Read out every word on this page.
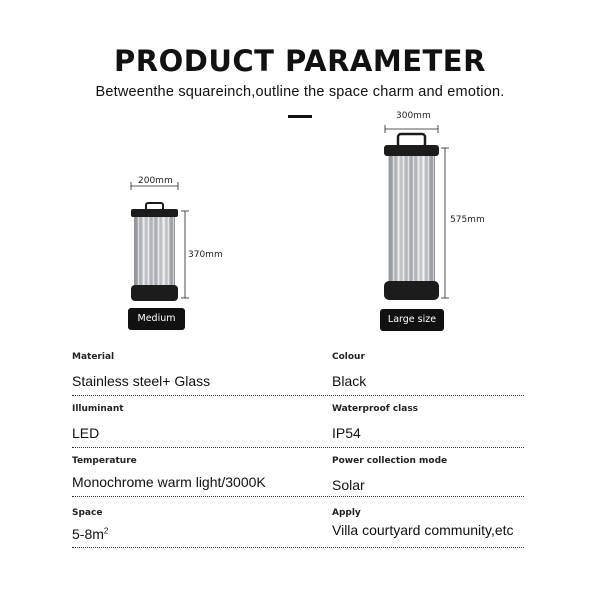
PRODUCT PARAMETER
Betweenthe squareinch,outline the space charm and emotion.
200mm
370mm
300mm
575mm
Medium	Large size
Material
Stainless steel+ Glass
Colour
Black
Illuminant
LED
Waterproof class
IP54
Temperature
Monochrome warm light/3000K
Power collection mode
Solar
Space
$5-8m^2$
Apply
Villa courtyard community,etc
